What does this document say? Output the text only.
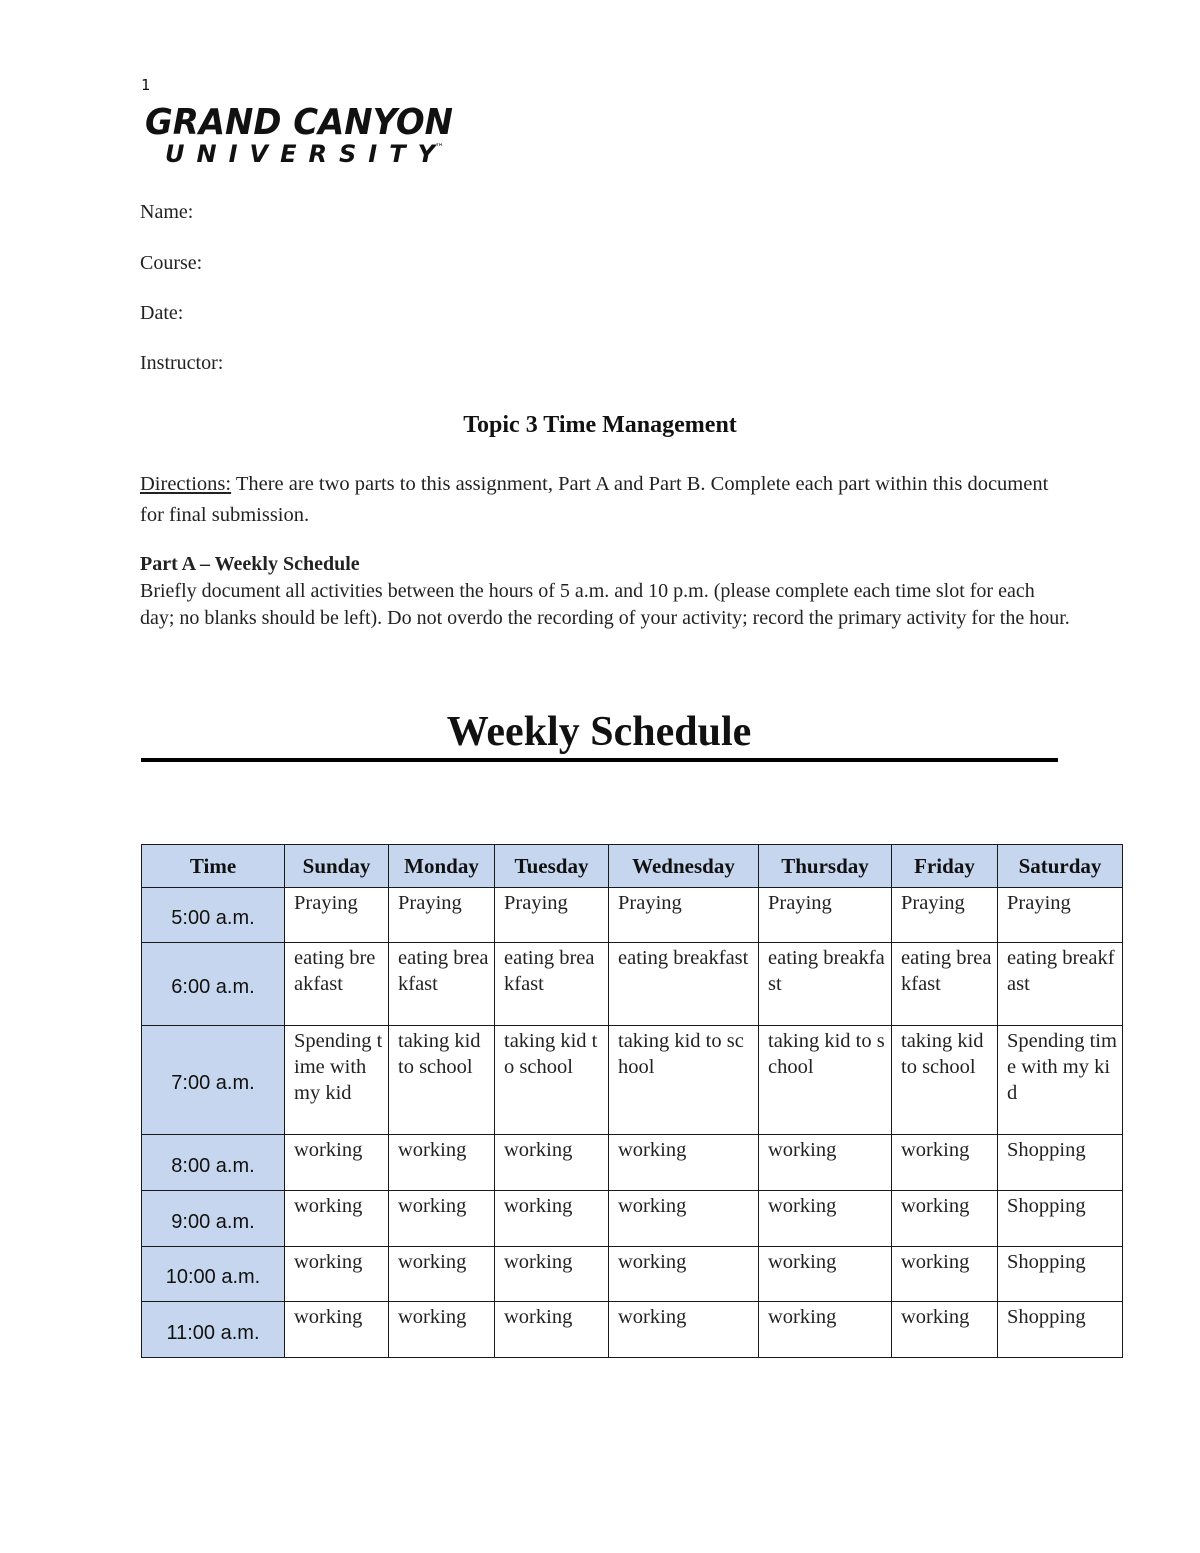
1
GRAND CANYON
UNIVERSITY ™
Name:
Course:
Date:
Instructor:
Topic 3 Time Management
Directions: There are two parts to this assignment, Part A and Part B. Complete each part within this document for final submission.
Part A – Weekly Schedule
Briefly document all activities between the hours of 5 a.m. and 10 p.m. (please complete each time slot for each day; no blanks should be left). Do not overdo the recording of your activity; record the primary activity for the hour.
Weekly Schedule
Time	Sunday	Monday	Tuesday	Wednesday	Thursday	Friday	Saturday
5:00 a.m.	Praying	Praying	Praying	Praying	Praying	Praying	Praying
6:00 a.m.	eating breakfast	eating breakfast	eating breakfast	eating breakfast	eating breakfast	eating breakfast	eating breakfast
7:00 a.m.	Spending time with my kid	taking kid to school	taking kid to school	taking kid to school	taking kid to school	taking kid to school	Spending time with my kid
8:00 a.m.	working	working	working	working	working	working	Shopping
9:00 a.m.	working	working	working	working	working	working	Shopping
10:00 a.m.	working	working	working	working	working	working	Shopping
11:00 a.m.	working	working	working	working	working	working	Shopping
